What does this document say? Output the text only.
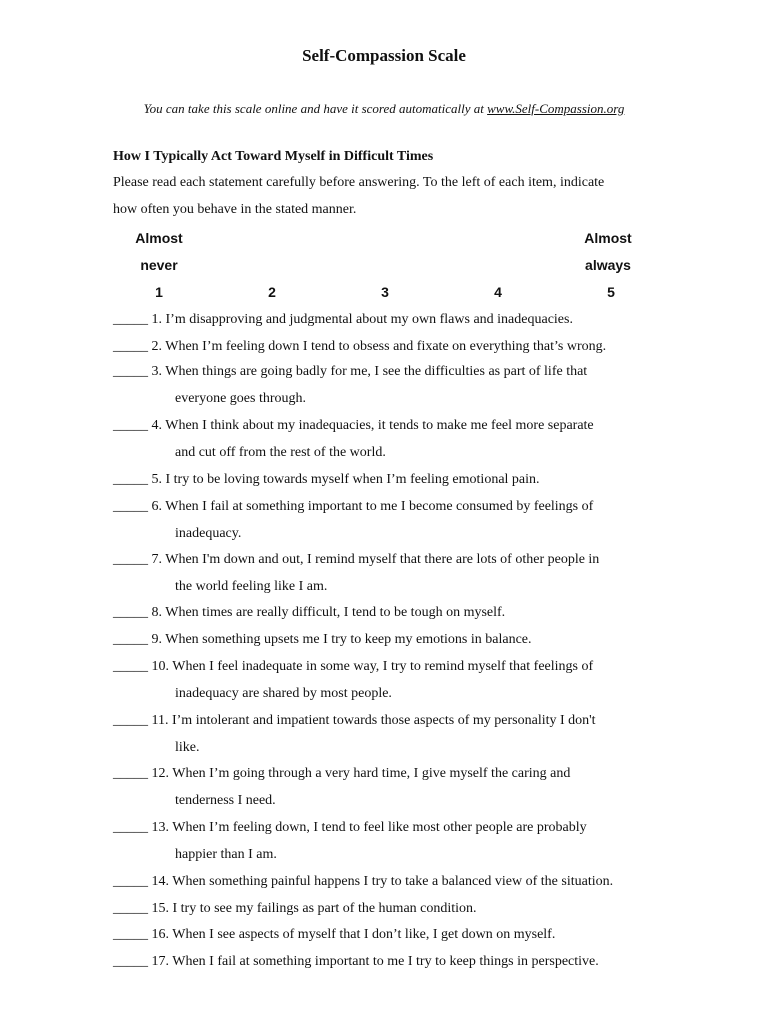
Self-Compassion Scale
You can take this scale online and have it scored automatically at www.Self-Compassion.org
How I Typically Act Toward Myself in Difficult Times
Please read each statement carefully before answering. To the left of each item, indicate
how often you behave in the stated manner.
Almost
never
Almost
always
1	2	3	4	5
_____ 1. I’m disapproving and judgmental about my own flaws and inadequacies.
_____ 2. When I’m feeling down I tend to obsess and fixate on everything that’s wrong.
_____ 3. When things are going badly for me, I see the difficulties as part of life that
everyone goes through.
_____ 4. When I think about my inadequacies, it tends to make me feel more separate
and cut off from the rest of the world.
_____ 5. I try to be loving towards myself when I’m feeling emotional pain.
_____ 6. When I fail at something important to me I become consumed by feelings of
inadequacy.
_____ 7. When I'm down and out, I remind myself that there are lots of other people in
the world feeling like I am.
_____ 8. When times are really difficult, I tend to be tough on myself.
_____ 9. When something upsets me I try to keep my emotions in balance.
_____ 10. When I feel inadequate in some way, I try to remind myself that feelings of
inadequacy are shared by most people.
_____ 11. I’m intolerant and impatient towards those aspects of my personality I don't
like.
_____ 12. When I’m going through a very hard time, I give myself the caring and
tenderness I need.
_____ 13. When I’m feeling down, I tend to feel like most other people are probably
happier than I am.
_____ 14. When something painful happens I try to take a balanced view of the situation.
_____ 15. I try to see my failings as part of the human condition.
_____ 16. When I see aspects of myself that I don’t like, I get down on myself.
_____ 17. When I fail at something important to me I try to keep things in perspective.
